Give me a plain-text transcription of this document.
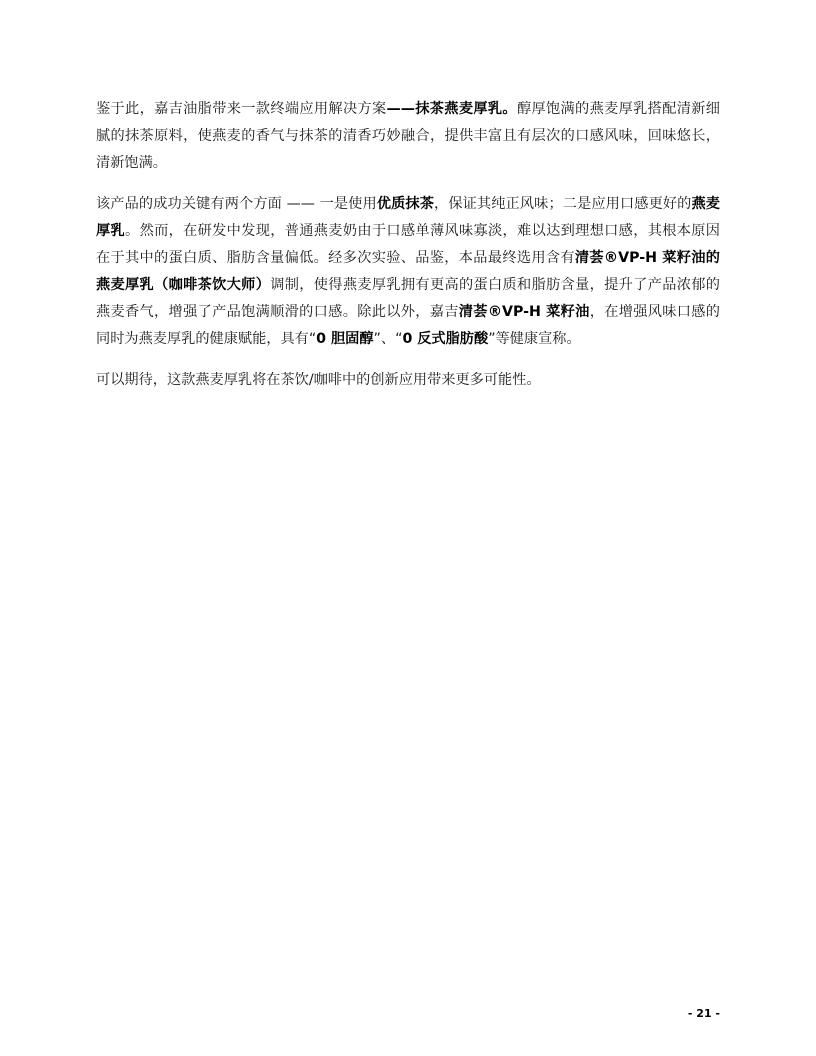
鉴于此，嘉吉油脂带来一款终端应用解决方案——抹茶燕麦厚乳。醇厚饱满的燕麦厚乳搭配清新细腻的抹茶原料，使燕麦的香气与抹茶的清香巧妙融合，提供丰富且有层次的口感风味，回味悠长，清新饱满。

该产品的成功关键有两个方面 —— 一是使用优质抹茶，保证其纯正风味；二是应用口感更好的燕麦厚乳。然而，在研发中发现，普通燕麦奶由于口感单薄风味寡淡，难以达到理想口感，其根本原因在于其中的蛋白质、脂肪含量偏低。经多次实验、品鉴，本品最终选用含有清荟®VP-H 菜籽油的燕麦厚乳（咖啡茶饮大师）调制，使得燕麦厚乳拥有更高的蛋白质和脂肪含量，提升了产品浓郁的燕麦香气，增强了产品饱满顺滑的口感。除此以外，嘉吉清荟®VP-H 菜籽油，在增强风味口感的同时为燕麦厚乳的健康赋能，具有“0 胆固醇”、“0 反式脂肪酸”等健康宣称。

可以期待，这款燕麦厚乳将在茶饮/咖啡中的创新应用带来更多可能性。

- 21 -
